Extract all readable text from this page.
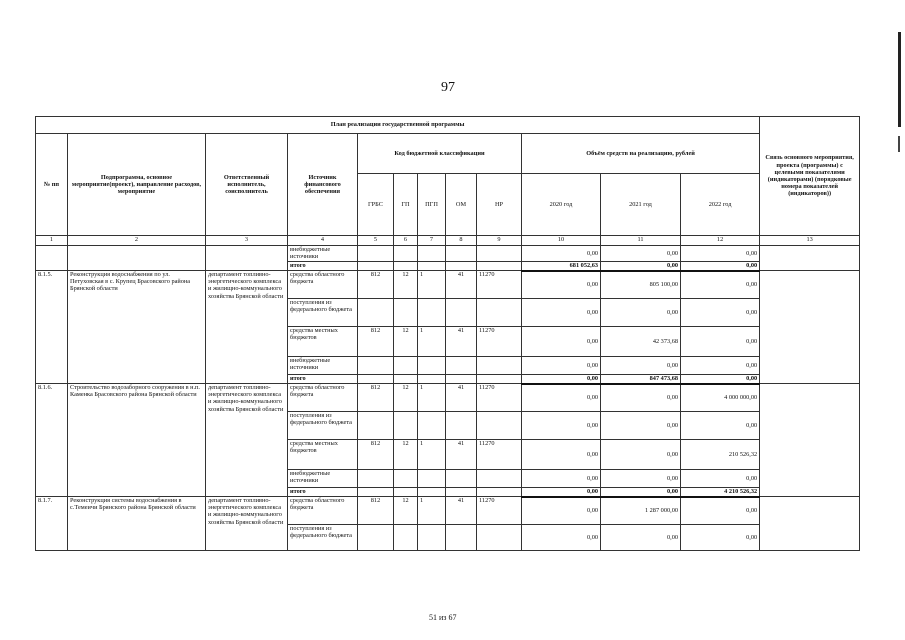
97
План реализации государственной программы												Связь основного мероприятия, проекта (программы) с целевыми показателями (индикаторами) (порядковые номера показателей (индикаторов))
№ пп	Подпрограмма, основное мероприятие(проект), направление расходов, мероприятие	Ответственный исполнитель, соисполнитель	Источник финансового обеспечения	Код бюджетной классификации					Объём средств на реализацию, рублей			
				ГРБС	ГП	ПГП	ОМ	НР	2020 год	2021 год	2022 год	
1	2	3	4	5	6	7	8	9	10	11	12	13
			внебюджетные источники						0,00	0,00	0,00	
			итого						681 052,63	0,00	0,00	
8.1.5.	Реконструкция водоснабжения по ул. Петуховская в с. Крупец Брасовского района Брянской области	департамент топливно-энергетического комплекса и жилищно-коммунального хозяйства Брянской области	средства областного бюджета	812	12	1	41	11270	0,00	805 100,00	0,00	
			поступления из федерального бюджета						0,00	0,00	0,00	
			средства местных бюджетов	812	12	1	41	11270	0,00	42 373,68	0,00	
			внебюджетные источники						0,00	0,00	0,00	
			итого						0,00	847 473,68	0,00	
8.1.6.	Строительство водозаборного сооружения в н.п. Каменка Брасовского района Брянской области	департамент топливно-энергетического комплекса и жилищно-коммунального хозяйства Брянской области	средства областного бюджета	812	12	1	41	11270	0,00	0,00	4 000 000,00	
			поступления из федерального бюджета						0,00	0,00	0,00	
			средства местных бюджетов	812	12	1	41	11270	0,00	0,00	210 526,32	
			внебюджетные источники						0,00	0,00	0,00	
			итого						0,00	0,00	4 210 526,32	
8.1.7.	Реконструкция системы водоснабжения в с.Темеичи Брянского района Брянской области	департамент топливно-энергетического комплекса и жилищно-коммунального хозяйства Брянской области	средства областного бюджета	812	12	1	41	11270	0,00	1 287 000,00	0,00	
			поступления из федерального бюджета						0,00	0,00	0,00	
51 из 67
